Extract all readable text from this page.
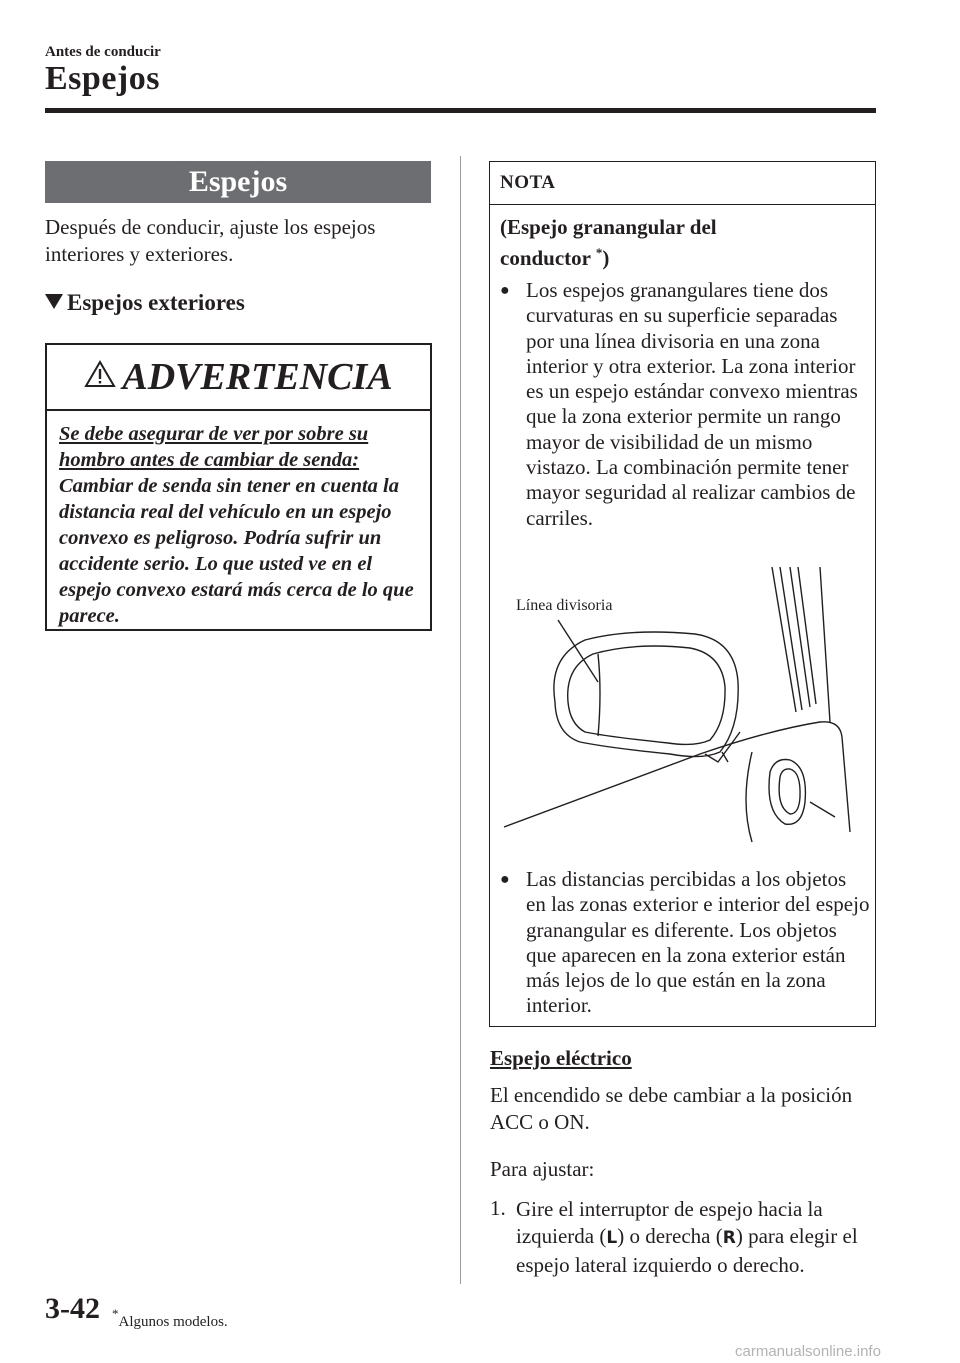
Antes de conducir
Espejos
Espejos
Después de conducir, ajuste los espejos interiores y exteriores.
Espejos exteriores
ADVERTENCIA
Se debe asegurar de ver por sobre su hombro antes de cambiar de senda: Cambiar de senda sin tener en cuenta la distancia real del vehículo en un espejo convexo es peligroso. Podría sufrir un accidente serio. Lo que usted ve en el espejo convexo estará más cerca de lo que parece.
NOTA
(Espejo granangular del
conductor *)
● Los espejos granangulares tiene dos curvaturas en su superficie separadas por una línea divisoria en una zona interior y otra exterior. La zona interior es un espejo estándar convexo mientras que la zona exterior permite un rango mayor de visibilidad de un mismo vistazo. La combinación permite tener mayor seguridad al realizar cambios de carriles.
Línea divisoria
● Las distancias percibidas a los objetos en las zonas exterior e interior del espejo granangular es diferente. Los objetos que aparecen en la zona exterior están más lejos de lo que están en la zona interior.
Espejo eléctrico
El encendido se debe cambiar a la posición ACC o ON.
Para ajustar:
1. Gire el interruptor de espejo hacia la izquierda (L) o derecha (R) para elegir el espejo lateral izquierdo o derecho.
3-42 *Algunos modelos.
carmanualsonline.info
